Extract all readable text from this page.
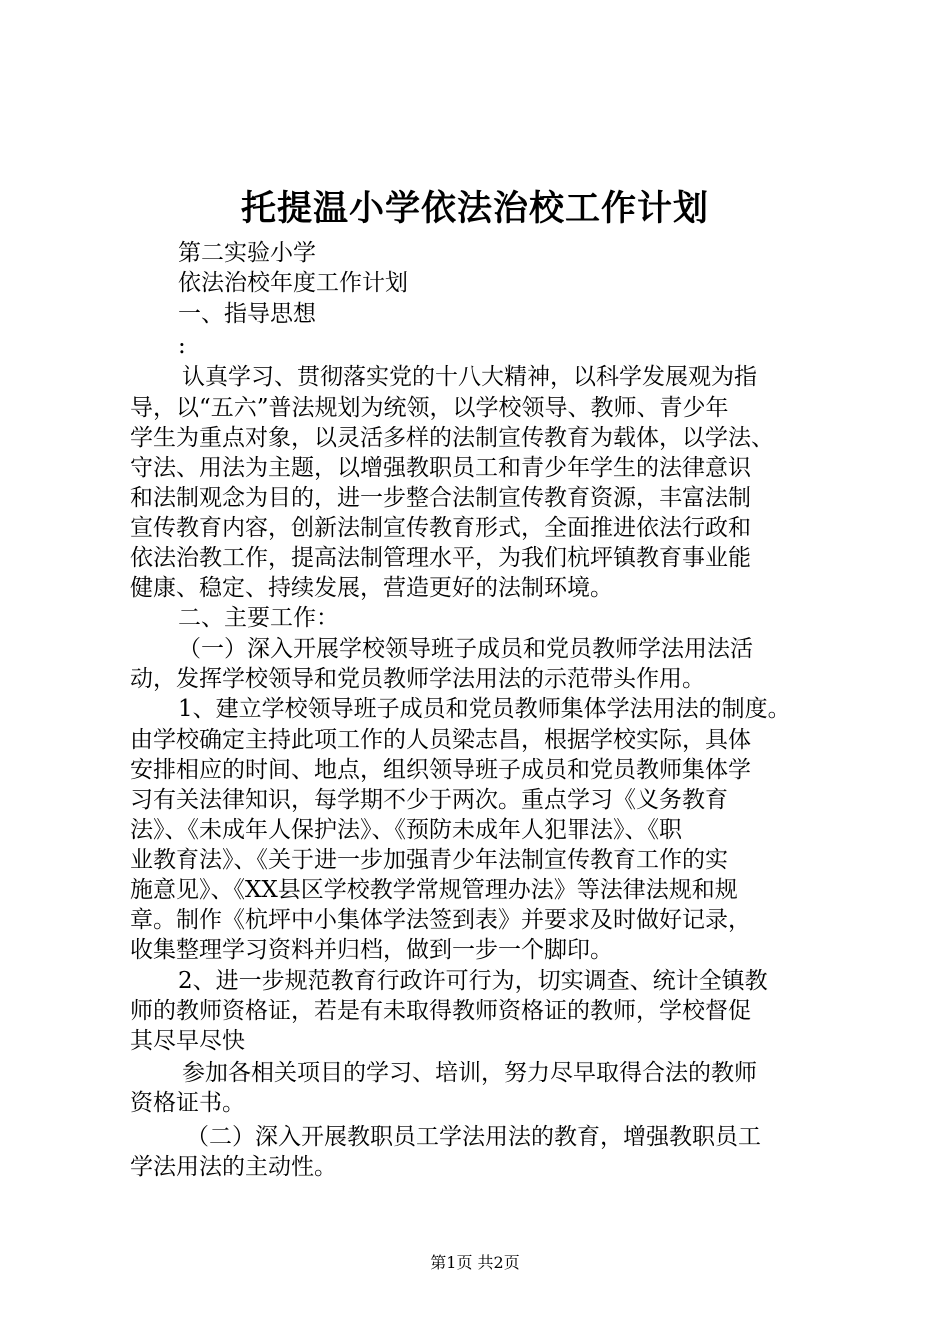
托提温小学依法治校工作计划
第二实验小学
依法治校年度工作计划
一、指导思想
:
认真学习、贯彻落实党的十八大精神，以科学发展观为指
导，以“五六”普法规划为统领，以学校领导、教师、青少年
学生为重点对象，以灵活多样的法制宣传教育为载体，以学法、
守法、用法为主题，以增强教职员工和青少年学生的法律意识
和法制观念为目的，进一步整合法制宣传教育资源，丰富法制
宣传教育内容，创新法制宣传教育形式，全面推进依法行政和
依法治教工作，提高法制管理水平，为我们杭坪镇教育事业能
健康、稳定、持续发展，营造更好的法制环境。
二、主要工作：
（一）深入开展学校领导班子成员和党员教师学法用法活
动，发挥学校领导和党员教师学法用法的示范带头作用。
1、建立学校领导班子成员和党员教师集体学法用法的制度。
由学校确定主持此项工作的人员梁志昌，根据学校实际，具体
安排相应的时间、地点，组织领导班子成员和党员教师集体学
习有关法律知识，每学期不少于两次。重点学习《义务教育
法》、《未成年人保护法》、《预防未成年人犯罪法》、《职
业教育法》、《关于进一步加强青少年法制宣传教育工作的实
施意见》、《XX县区学校教学常规管理办法》等法律法规和规
章。制作《杭坪中小集体学法签到表》并要求及时做好记录，
收集整理学习资料并归档，做到一步一个脚印。
2、进一步规范教育行政许可行为，切实调查、统计全镇教
师的教师资格证，若是有未取得教师资格证的教师，学校督促
其尽早尽快
参加各相关项目的学习、培训，努力尽早取得合法的教师
资格证书。
（二）深入开展教职员工学法用法的教育，增强教职员工
学法用法的主动性。
第1页 共2页
